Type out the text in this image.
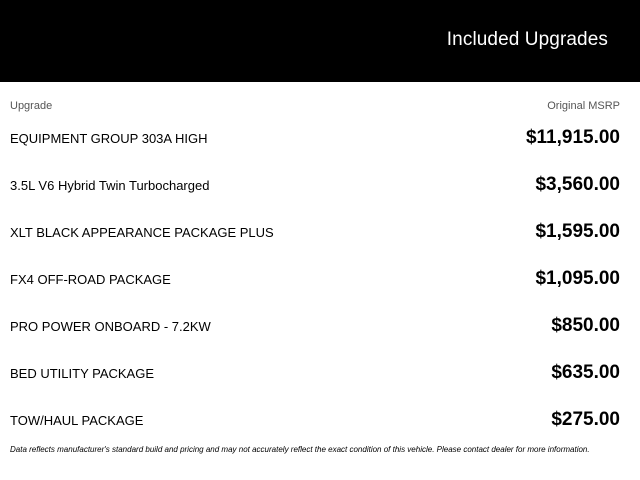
Included Upgrades
Upgrade	Original MSRP
EQUIPMENT GROUP 303A HIGH	$11,915.00
3.5L V6 Hybrid Twin Turbocharged	$3,560.00
XLT BLACK APPEARANCE PACKAGE PLUS	$1,595.00
FX4 OFF-ROAD PACKAGE	$1,095.00
PRO POWER ONBOARD - 7.2KW	$850.00
BED UTILITY PACKAGE	$635.00
TOW/HAUL PACKAGE	$275.00
Data reflects manufacturer's standard build and pricing and may not accurately reflect the exact condition of this vehicle. Please contact dealer for more information.
